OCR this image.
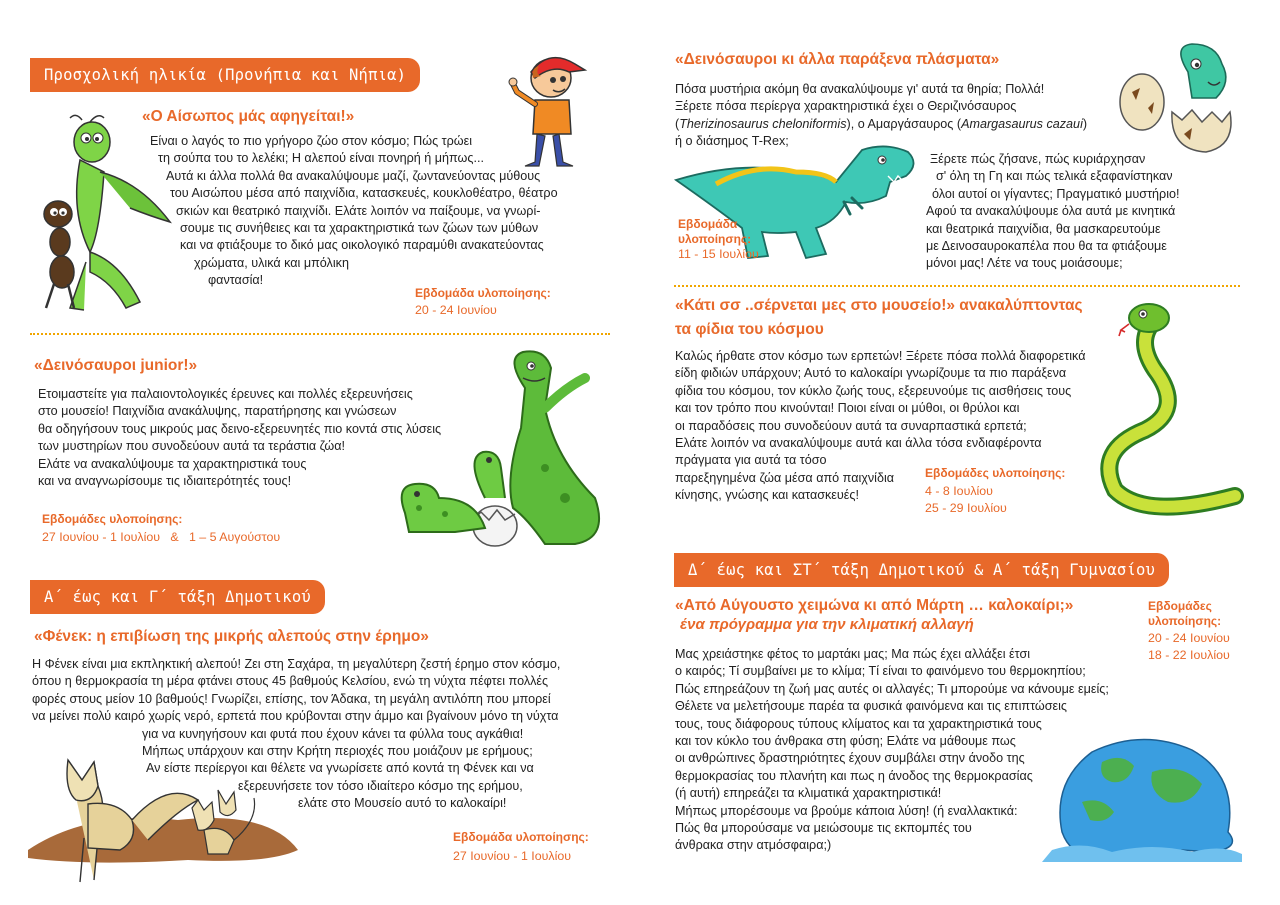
Προσχολική ηλικία (Προνήπια και Νήπια)
«Ο Αίσωπος μάς αφηγείται!»
Είναι ο λαγός το πιο γρήγορο ζώο στον κόσμο; Πώς τρώει
τη σούπα του το λελέκι; Η αλεπού είναι πονηρή ή μήπως...
Αυτά κι άλλα πολλά θα ανακαλύψουμε μαζί, ζωντανεύοντας μύθους
του Αισώπου μέσα από παιχνίδια, κατασκευές, κουκλοθέατρο, θέατρο
σκιών και θεατρικό παιχνίδι. Ελάτε λοιπόν να παίξουμε, να γνωρί-
σουμε τις συνήθειες και τα χαρακτηριστικά των ζώων των μύθων
και να φτιάξουμε το δικό μας οικολογικό παραμύθι ανακατεύοντας
χρώματα, υλικά και μπόλικη
φαντασία!
Εβδομάδα υλοποίησης:
20 - 24 Ιουνίου
«Δεινόσαυροι junior!»
Ετοιμαστείτε για παλαιοντολογικές έρευνες και πολλές εξερευνήσεις
στο μουσείο! Παιχνίδια ανακάλυψης, παρατήρησης και γνώσεων
θα οδηγήσουν τους μικρούς μας δεινο-εξερευνητές πιο κοντά στις λύσεις
των μυστηρίων που συνοδεύουν αυτά τα τεράστια ζώα!
Ελάτε να ανακαλύψουμε τα χαρακτηριστικά τους
και να αναγνωρίσουμε τις ιδιαιτερότητές τους!
Εβδομάδες υλοποίησης:
27 Ιουνίου - 1 Ιουλίου   &   1 – 5 Αυγούστου
Α΄ έως και Γ΄ τάξη Δημοτικού
«Φένεκ: η επιβίωση της μικρής αλεπούς στην έρημο»
Η Φένεκ είναι μια εκπληκτική αλεπού! Ζει στη Σαχάρα, τη μεγαλύτερη ζεστή έρημο στον κόσμο,
όπου η θερμοκρασία τη μέρα φτάνει στους 45 βαθμούς Κελσίου, ενώ τη νύχτα πέφτει πολλές
φορές στους μείον 10 βαθμούς! Γνωρίζει, επίσης, τον Άδακα, τη μεγάλη αντιλόπη που μπορεί
να μείνει πολύ καιρό χωρίς νερό, ερπετά που κρύβονται στην άμμο και βγαίνουν μόνο τη νύχτα
για να κυνηγήσουν και φυτά που έχουν κάνει τα φύλλα τους αγκάθια!
Μήπως υπάρχουν και στην Κρήτη περιοχές που μοιάζουν με ερήμους;
Αν είστε περίεργοι και θέλετε να γνωρίσετε από κοντά τη Φένεκ και να
εξερευνήσετε τον τόσο ιδιαίτερο κόσμο της ερήμου,
ελάτε στο Μουσείο αυτό το καλοκαίρι!
Εβδομάδα υλοποίησης:
27 Ιουνίου - 1 Ιουλίου
«Δεινόσαυροι κι άλλα παράξενα πλάσματα»
Πόσα μυστήρια ακόμη θα ανακαλύψουμε γι' αυτά τα θηρία; Πολλά!
Ξέρετε πόσα περίεργα χαρακτηριστικά έχει ο Θεριζινόσαυρος
(Therizinosaurus cheloniformis), ο Αμαργάσαυρος (Amargasaurus cazaui)
ή ο διάσημος T-Rex;
Ξέρετε πώς ζήσανε, πώς κυριάρχησαν
σ' όλη τη Γη και πώς τελικά εξαφανίστηκαν
όλοι αυτοί οι γίγαντες; Πραγματικό μυστήριο!
Αφού τα ανακαλύψουμε όλα αυτά με κινητικά
και θεατρικά παιχνίδια, θα μασκαρευτούμε
με Δεινοσαυροκαπέλα που θα τα φτιάξουμε
μόνοι μας! Λέτε να τους μοιάσουμε;
Εβδομάδα
υλοποίησης:
11 - 15 Ιουλίου
«Κάτι σσ ..σέρνεται μες στο μουσείο!» ανακαλύπτοντας
τα φίδια του κόσμου
Καλώς ήρθατε στον κόσμο των ερπετών! Ξέρετε πόσα πολλά διαφορετικά
είδη φιδιών υπάρχουν; Αυτό το καλοκαίρι γνωρίζουμε τα πιο παράξενα
φίδια του κόσμου, τον κύκλο ζωής τους, εξερευνούμε τις αισθήσεις τους
και τον τρόπο που κινούνται! Ποιοι είναι οι μύθοι, οι θρύλοι και
οι παραδόσεις που συνοδεύουν αυτά τα συναρπαστικά ερπετά;
Ελάτε λοιπόν να ανακαλύψουμε αυτά και άλλα τόσα ενδιαφέροντα
πράγματα για αυτά τα τόσο
παρεξηγημένα ζώα μέσα από παιχνίδια
κίνησης, γνώσης και κατασκευές!
Εβδομάδες υλοποίησης:
4 - 8 Ιουλίου
25 - 29 Ιουλίου
Δ΄ έως και ΣΤ΄ τάξη Δημοτικού & Α΄ τάξη Γυμνασίου
«Από Αύγουστο χειμώνα κι από Μάρτη … καλοκαίρι;»
ένα πρόγραμμα για την κλιματική αλλαγή
Εβδομάδες
υλοποίησης:
20 - 24 Ιουνίου
18 - 22 Ιουλίου
Μας χρειάστηκε φέτος το μαρτάκι μας; Μα πώς έχει αλλάξει έτσι
ο καιρός; Τί συμβαίνει με το κλίμα; Τί είναι το φαινόμενο του θερμοκηπίου;
Πώς επηρεάζουν τη ζωή μας αυτές οι αλλαγές; Τι μπορούμε να κάνουμε εμείς;
Θέλετε να μελετήσουμε παρέα τα φυσικά φαινόμενα και τις επιπτώσεις
τους, τους διάφορους τύπους κλίματος και τα χαρακτηριστικά τους
και τον κύκλο του άνθρακα στη φύση; Ελάτε να μάθουμε πως
οι ανθρώπινες δραστηριότητες έχουν συμβάλει στην άνοδο της
θερμοκρασίας του πλανήτη και πως η άνοδος της θερμοκρασίας
(ή αυτή) επηρεάζει τα κλιματικά χαρακτηριστικά!
Μήπως μπορέσουμε να βρούμε κάποια λύση! (ή εναλλακτικά:
Πώς θα μπορούσαμε να μειώσουμε τις εκπομπές του
άνθρακα στην ατμόσφαιρα;)
